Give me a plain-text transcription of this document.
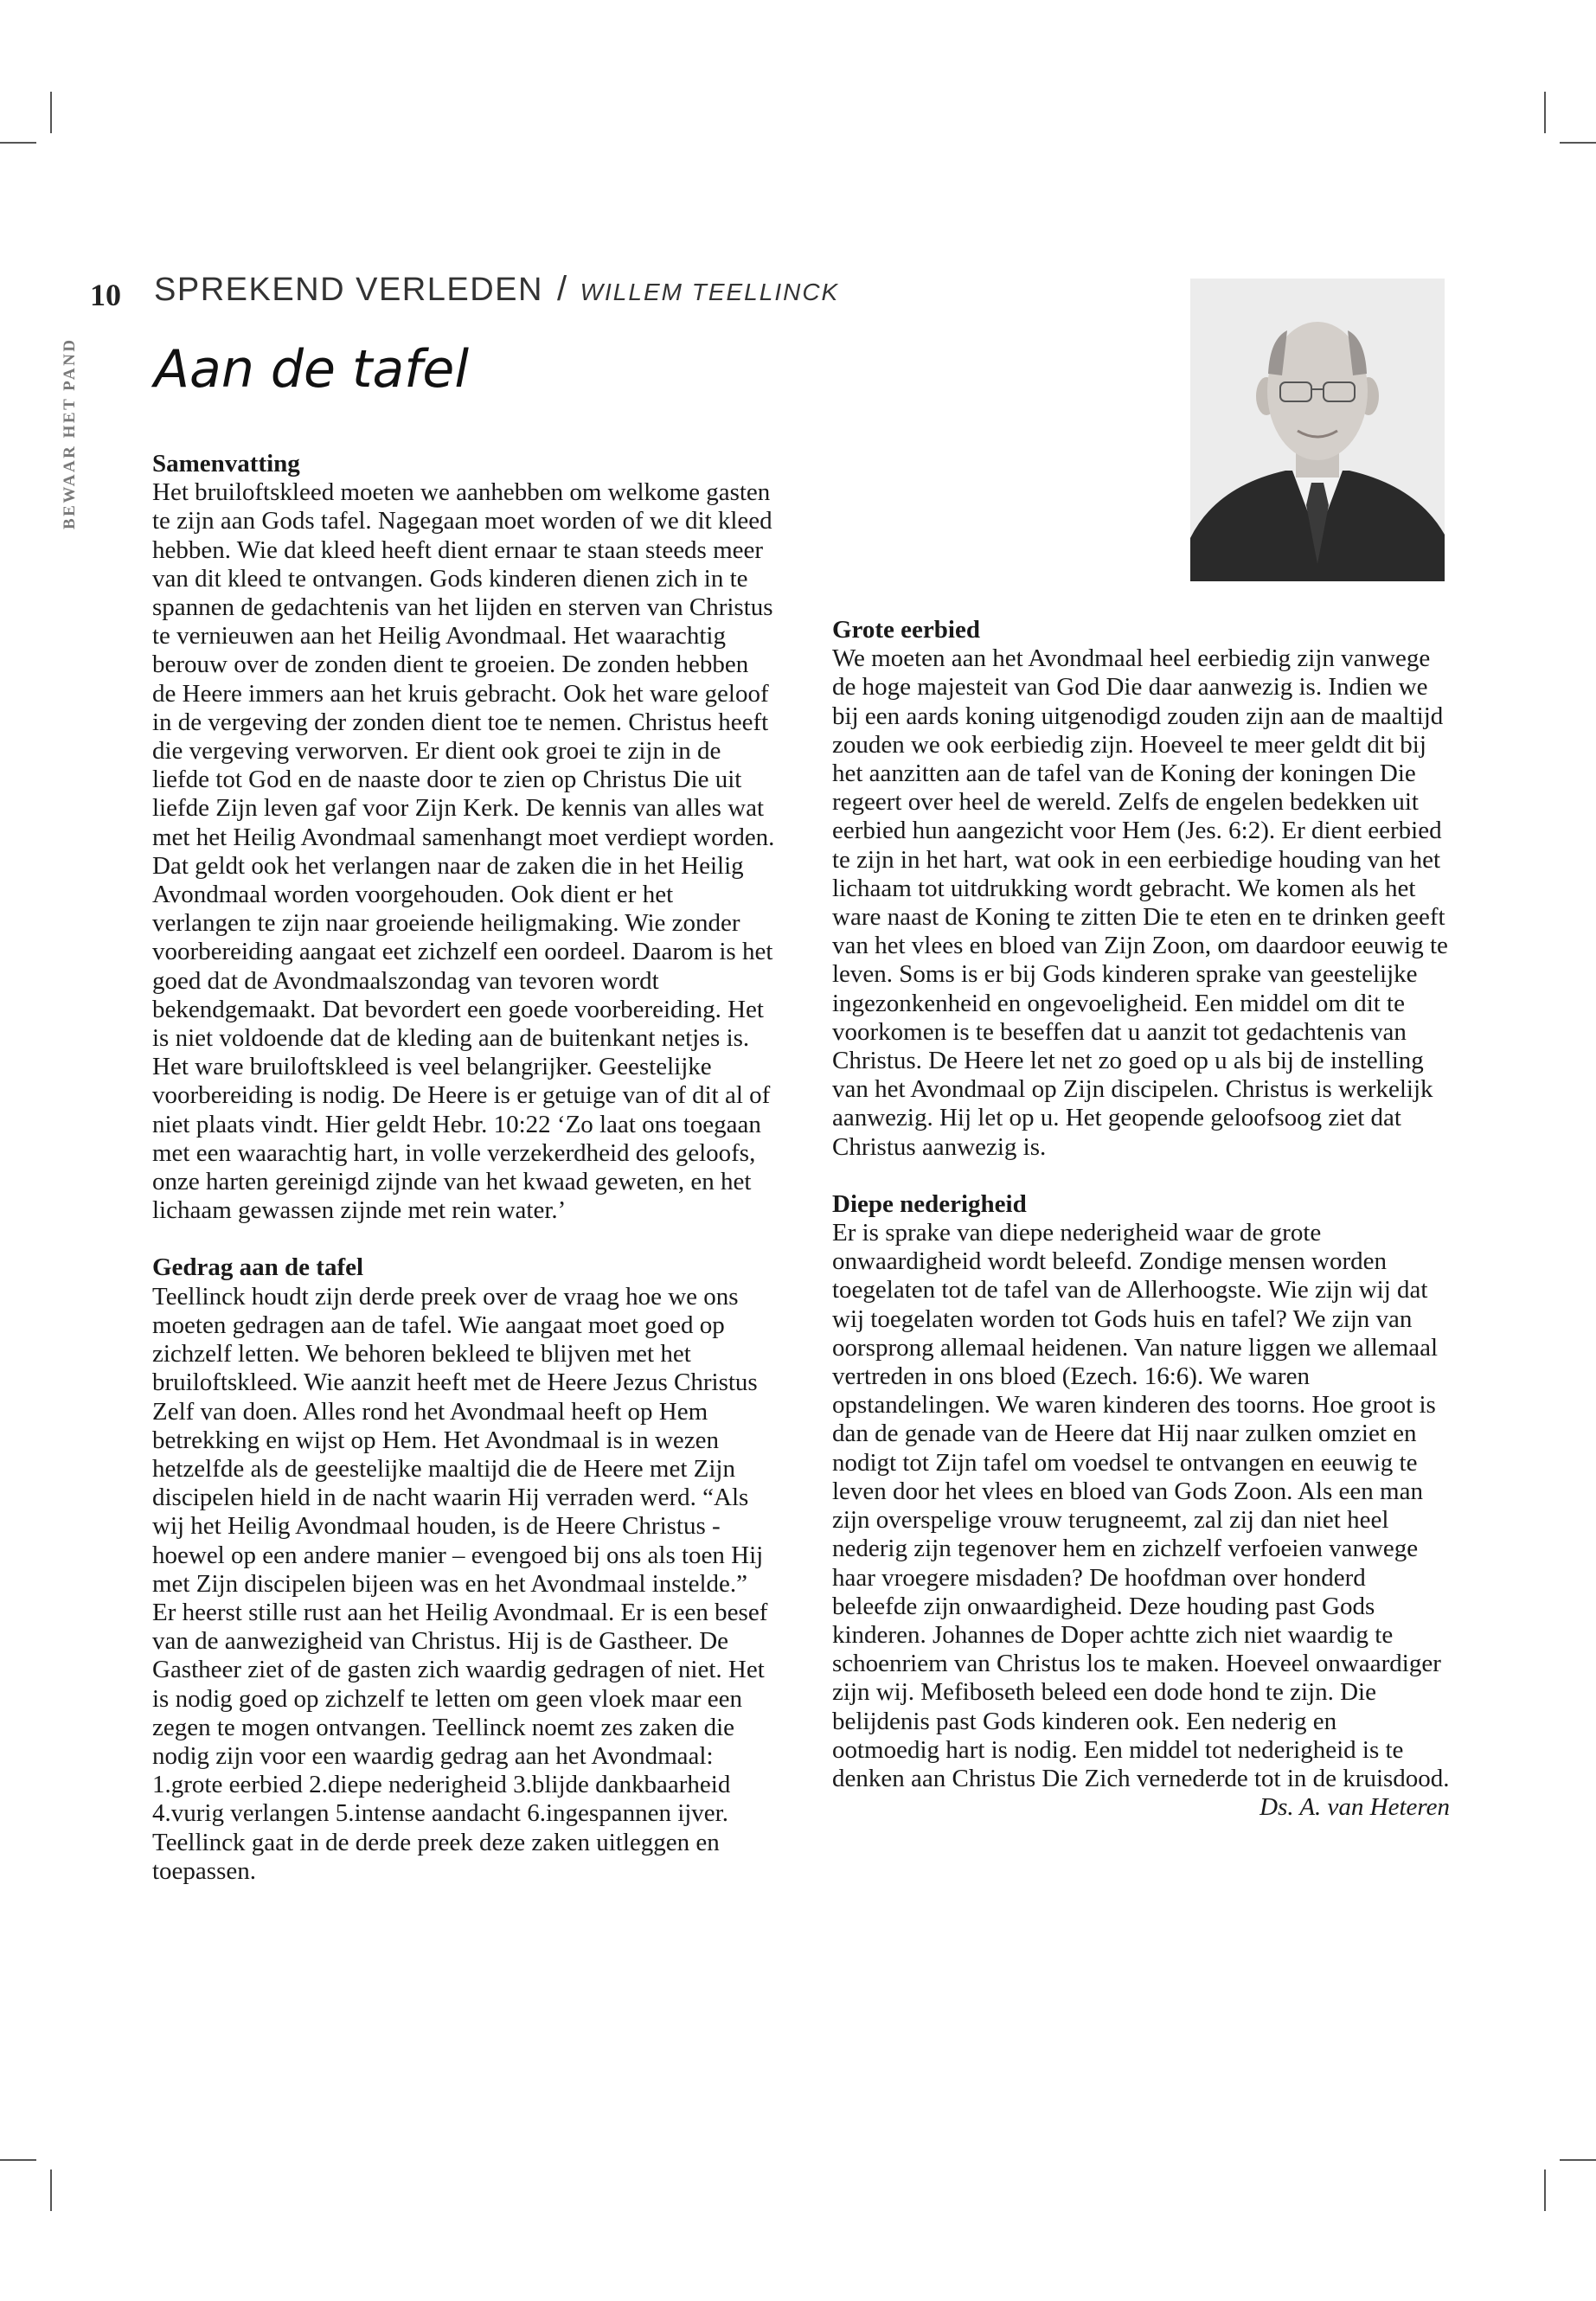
10 SPREKEND VERLEDEN / WILLEM TEELLINCK
BEWAAR HET PAND Aan de tafel
Samenvatting

Het bruiloftskleed moeten we aanhebben om welkome gasten te zijn aan Gods tafel. Nagegaan moet worden of we dit kleed hebben. Wie dat kleed heeft dient ernaar te staan steeds meer van dit kleed te ontvangen. Gods kinderen dienen zich in te spannen de gedachtenis van het lijden en sterven van Christus te vernieuwen aan het Heilig Avondmaal. Het waarachtig berouw over de zonden dient te groeien. De zonden hebben de Heere immers aan het kruis gebracht. Ook het ware geloof in de vergeving der zonden dient toe te nemen. Christus heeft die vergeving verworven. Er dient ook groei te zijn in de liefde tot God en de naaste door te zien op Christus Die uit liefde Zijn leven gaf voor Zijn Kerk. De kennis van alles wat met het Heilig Avondmaal samenhangt moet verdiept worden. Dat geldt ook het verlangen naar de zaken die in het Heilig Avondmaal worden voorgehouden. Ook dient er het verlangen te zijn naar groeiende heiligmaking. Wie zonder voorbereiding aangaat eet zichzelf een oordeel. Daarom is het goed dat de Avondmaalszondag van tevoren wordt bekendgemaakt. Dat bevordert een goede voorbereiding. Het is niet voldoende dat de kleding aan de buitenkant netjes is. Het ware bruiloftskleed is veel belangrijker. Geestelijke voorbereiding is nodig. De Heere is er getuige van of dit al of niet plaats vindt. Hier geldt Hebr. 10:22 ‘Zo laat ons toegaan met een waarachtig hart, in volle verzekerdheid des geloofs, onze harten gereinigd zijnde van het kwaad geweten, en het lichaam gewassen zijnde met rein water.’

Gedrag aan de tafel

Teellinck houdt zijn derde preek over de vraag hoe we ons moeten gedragen aan de tafel. Wie aangaat moet goed op zichzelf letten. We behoren bekleed te blijven met het bruiloftskleed. Wie aanzit heeft met de Heere Jezus Christus Zelf van doen. Alles rond het Avondmaal heeft op Hem betrekking en wijst op Hem. Het Avondmaal is in wezen hetzelfde als de geestelijke maaltijd die de Heere met Zijn discipelen hield in de nacht waarin Hij verraden werd. “Als wij het Heilig Avondmaal houden, is de Heere Christus - hoewel op een andere manier – evengoed bij ons als toen Hij met Zijn discipelen bijeen was en het Avondmaal instelde.” Er heerst stille rust aan het Heilig Avondmaal. Er is een besef van de aanwezigheid van Christus. Hij is de Gastheer. De Gastheer ziet of de gasten zich waardig gedragen of niet. Het is nodig goed op zichzelf te letten om geen vloek maar een zegen te mogen ontvangen. Teellinck noemt zes zaken die nodig zijn voor een waardig gedrag aan het Avondmaal: 1.grote eerbied 2.diepe nederigheid 3.blijde dankbaarheid 4.vurig verlangen 5.intense aandacht 6.ingespannen ijver. Teellinck gaat in de derde preek deze zaken uitleggen en toepassen.

Grote eerbied

We moeten aan het Avondmaal heel eerbiedig zijn vanwege de hoge majesteit van God Die daar aanwezig is. Indien we bij een aards koning uitgenodigd zouden zijn aan de maaltijd zouden we ook eerbiedig zijn. Hoeveel te meer geldt dit bij het aanzitten aan de tafel van de Koning der koningen Die regeert over heel de wereld. Zelfs de engelen bedekken uit eerbied hun aangezicht voor Hem (Jes. 6:2). Er dient eerbied te zijn in het hart, wat ook in een eerbiedige houding van het lichaam tot uitdrukking wordt gebracht. We komen als het ware naast de Koning te zitten Die te eten en te drinken geeft van het vlees en bloed van Zijn Zoon, om daardoor eeuwig te leven. Soms is er bij Gods kinderen sprake van geestelijke ingezonkenheid en ongevoeligheid. Een middel om dit te voorkomen is te beseffen dat u aanzit tot gedachtenis van Christus. De Heere let net zo goed op u als bij de instelling van het Avondmaal op Zijn discipelen. Christus is werkelijk aanwezig. Hij let op u. Het geopende geloofsoog ziet dat Christus aanwezig is.

Diepe nederigheid

Er is sprake van diepe nederigheid waar de grote onwaardigheid wordt beleefd. Zondige mensen worden toegelaten tot de tafel van de Allerhoogste. Wie zijn wij dat wij toegelaten worden tot Gods huis en tafel? We zijn van oorsprong allemaal heidenen. Van nature liggen we allemaal vertreden in ons bloed (Ezech. 16:6). We waren opstandelingen. We waren kinderen des toorns. Hoe groot is dan de genade van de Heere dat Hij naar zulken omziet en nodigt tot Zijn tafel om voedsel te ontvangen en eeuwig te leven door het vlees en bloed van Gods Zoon. Als een man zijn overspelige vrouw terugneemt, zal zij dan niet heel nederig zijn tegenover hem en zichzelf verfoeien vanwege haar vroegere misdaden? De hoofdman over honderd beleefde zijn onwaardigheid. Deze houding past Gods kinderen. Johannes de Doper achtte zich niet waardig te schoenriem van Christus los te maken. Hoeveel onwaardiger zijn wij. Mefiboseth beleed een dode hond te zijn. Die belijdenis past Gods kinderen ook. Een nederig en ootmoedig hart is nodig. Een middel tot nederigheid is te denken aan Christus Die Zich vernederde tot in de kruisdood.

Ds. A. van Heteren
